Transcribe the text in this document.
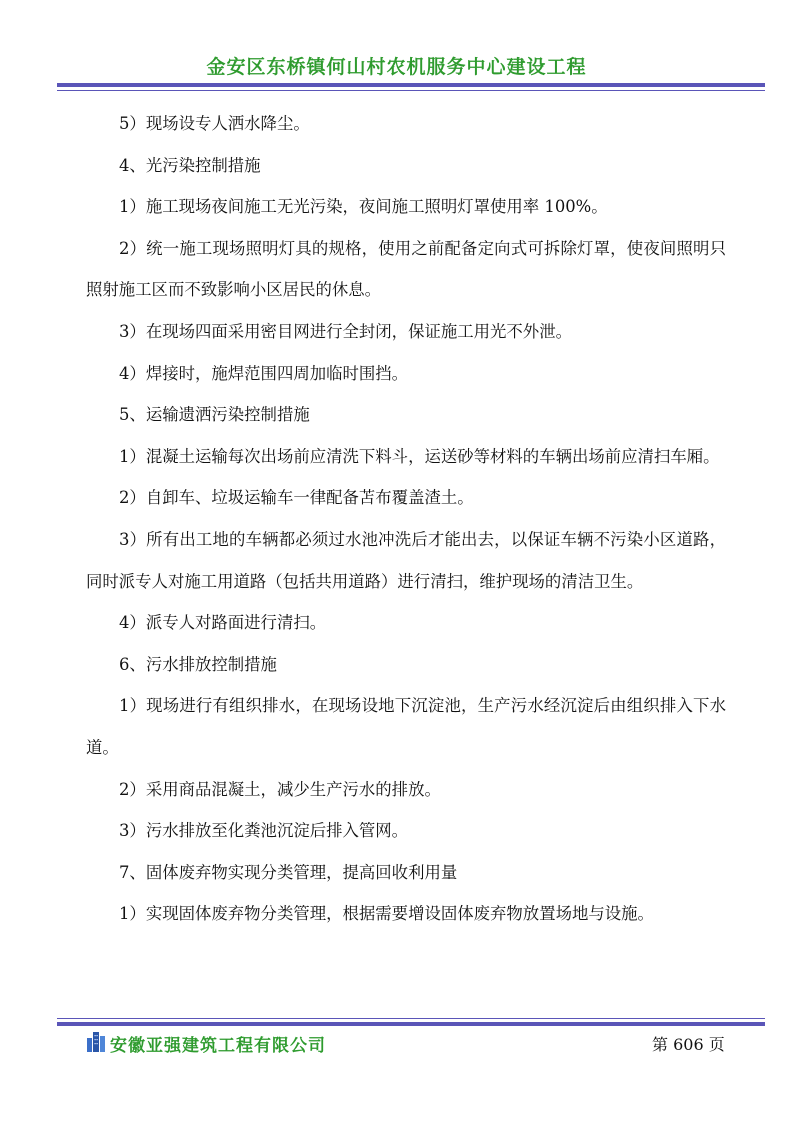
金安区东桥镇何山村农机服务中心建设工程

5）现场设专人洒水降尘。

4、光污染控制措施

1）施工现场夜间施工无光污染，夜间施工照明灯罩使用率 100%。

2）统一施工现场照明灯具的规格，使用之前配备定向式可拆除灯罩，使夜间照明只照射施工区而不致影响小区居民的休息。

3）在现场四面采用密目网进行全封闭，保证施工用光不外泄。

4）焊接时，施焊范围四周加临时围挡。

5、运输遗洒污染控制措施

1）混凝土运输每次出场前应清洗下料斗，运送砂等材料的车辆出场前应清扫车厢。

2）自卸车、垃圾运输车一律配备苫布覆盖渣土。

3）所有出工地的车辆都必须过水池冲洗后才能出去，以保证车辆不污染小区道路，同时派专人对施工用道路（包括共用道路）进行清扫，维护现场的清洁卫生。

4）派专人对路面进行清扫。

6、污水排放控制措施

1）现场进行有组织排水，在现场设地下沉淀池，生产污水经沉淀后由组织排入下水道。

2）采用商品混凝土，减少生产污水的排放。

3）污水排放至化粪池沉淀后排入管网。

7、固体废弃物实现分类管理，提高回收利用量

1）实现固体废弃物分类管理，根据需要增设固体废弃物放置场地与设施。

安徽亚强建筑工程有限公司	第 606 页
